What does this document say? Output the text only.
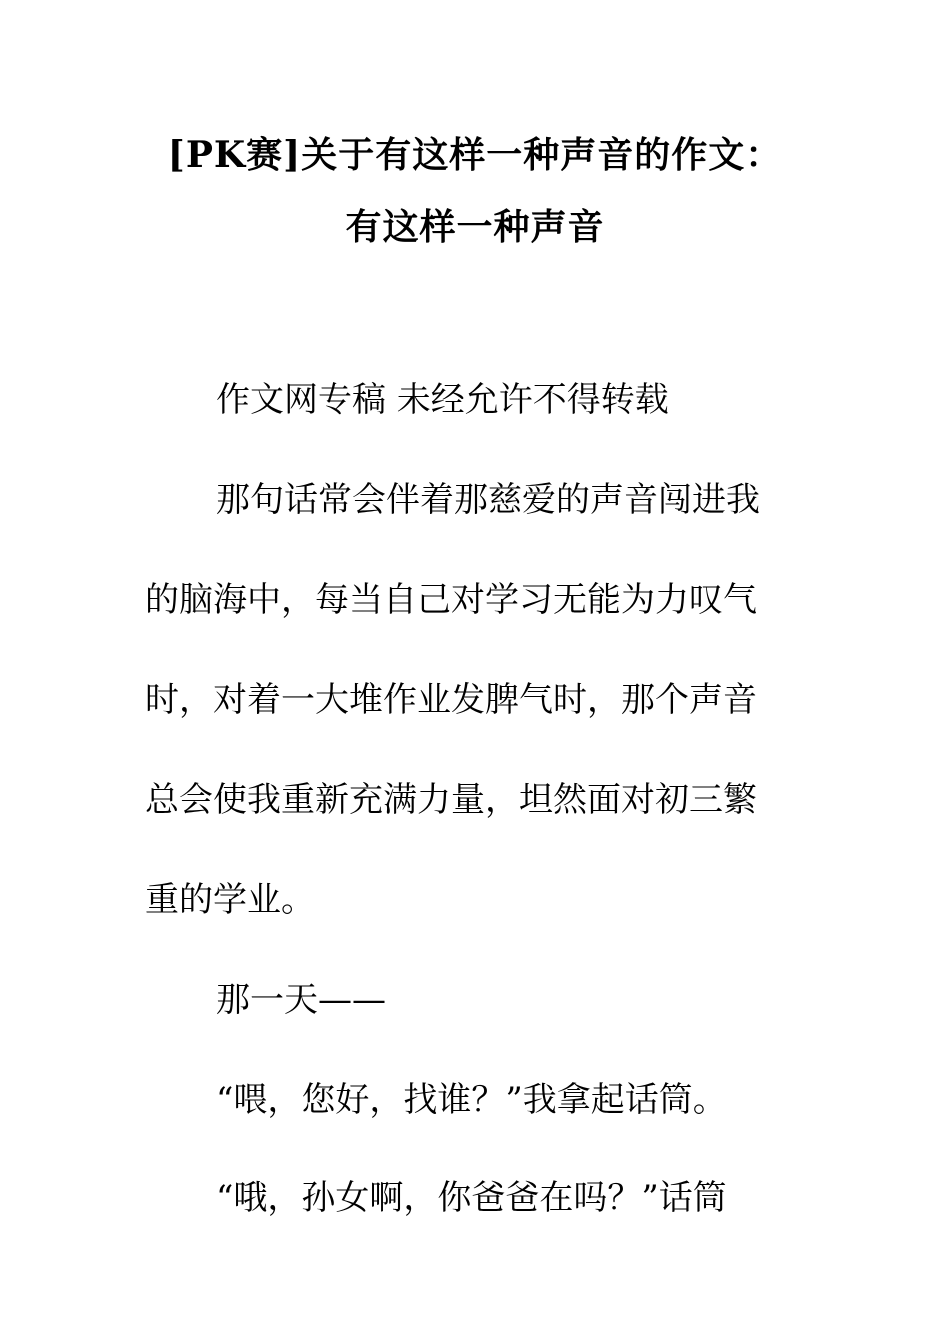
[PK赛]关于有这样一种声音的作文：
有这样一种声音
作文网专稿 未经允许不得转载
那句话常会伴着那慈爱的声音闯进我
的脑海中，每当自己对学习无能为力叹气
时，对着一大堆作业发脾气时，那个声音
总会使我重新充满力量，坦然面对初三繁
重的学业。
那一天——
“喂，您好，找谁？”我拿起话筒。
“哦，孙女啊，你爸爸在吗？”话筒
